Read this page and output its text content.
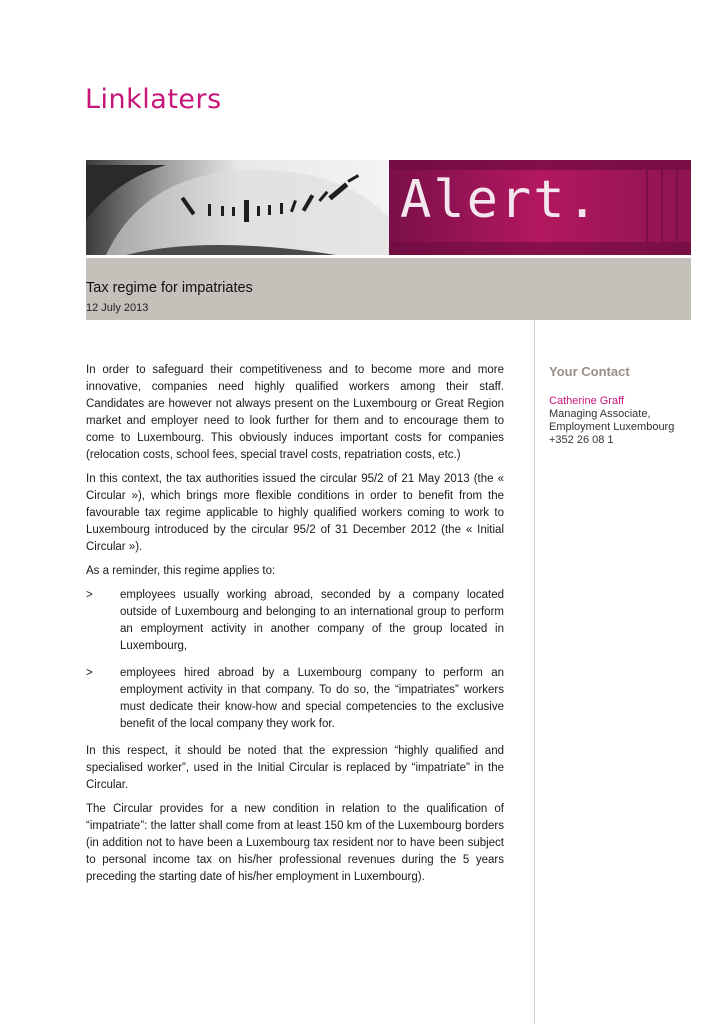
Linklaters
Alert.
Tax regime for impatriates
12 July 2013

In order to safeguard their competitiveness and to become more and more innovative, companies need highly qualified workers among their staff. Candidates are however not always present on the Luxembourg or Great Region market and employer need to look further for them and to encourage them to come to Luxembourg. This obviously induces important costs for companies (relocation costs, school fees, special travel costs, repatriation costs, etc.)

In this context, the tax authorities issued the circular 95/2 of 21 May 2013 (the « Circular »), which brings more flexible conditions in order to benefit from the favourable tax regime applicable to highly qualified workers coming to work to Luxembourg introduced by the circular 95/2 of 31 December 2012 (the « Initial Circular »).

As a reminder, this regime applies to:

> employees usually working abroad, seconded by a company located outside of Luxembourg and belonging to an international group to perform an employment activity in another company of the group located in Luxembourg,
> employees hired abroad by a Luxembourg company to perform an employment activity in that company. To do so, the “impatriates” workers must dedicate their know-how and special competencies to the exclusive benefit of the local company they work for.

In this respect, it should be noted that the expression “highly qualified and specialised worker”, used in the Initial Circular is replaced by “impatriate” in the Circular.

The Circular provides for a new condition in relation to the qualification of “impatriate”: the latter shall come from at least 150 km of the Luxembourg borders (in addition not to have been a Luxembourg tax resident nor to have been subject to personal income tax on his/her professional revenues during the 5 years preceding the starting date of his/her employment in Luxembourg).

Your Contact
Catherine Graff
Managing Associate,
Employment Luxembourg
+352 26 08 1
